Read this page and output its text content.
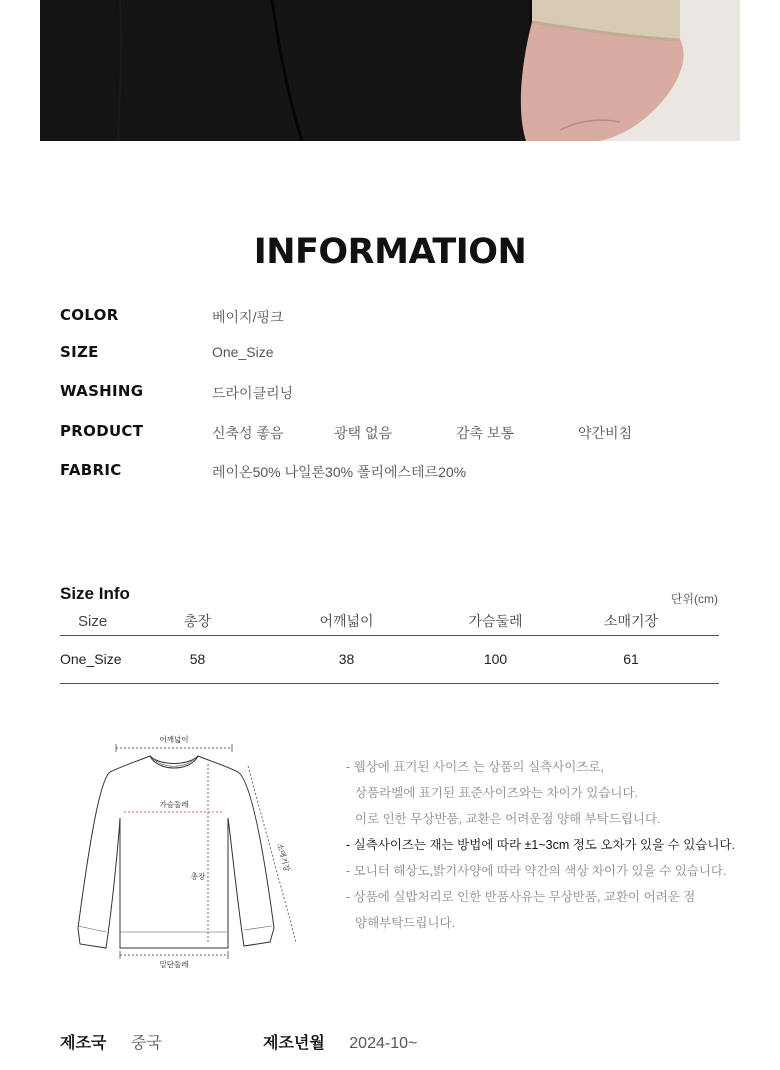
INFORMATION
COLOR	베이지/핑크
SIZE	One_Size
WASHING	드라이클리닝
PRODUCT	신축성 좋음	광택 없음	감촉 보통	약간비침
FABRIC	레이온50% 나일론30% 폴리에스테르20%
Size Info	단위(cm)
Size	총장	어깨넓이	가슴둘레	소매기장
One_Size	58	38	100	61
어깨넓이
가슴둘레
총장
소매기장
밑단둘레
- 웹상에 표기된 사이즈 는 상품의 실측사이즈로,
상품라벨에 표기된 표준사이즈와는 차이가 있습니다.
이로 인한 무상반품, 교환은 어려운점 양해 부탁드립니다.
- 실측사이즈는 재는 방법에 따라 ±1~3cm 정도 오차가 있을 수 있습니다.
- 모니터 해상도,밝기사양에 따라 약간의 색상 차이가 있을 수 있습니다.
- 상품에 실밥처리로 인한 반품사유는 무상반품, 교환이 어려운 점
양해부탁드립니다.
제조국 중국	제조년월 2024-10~
